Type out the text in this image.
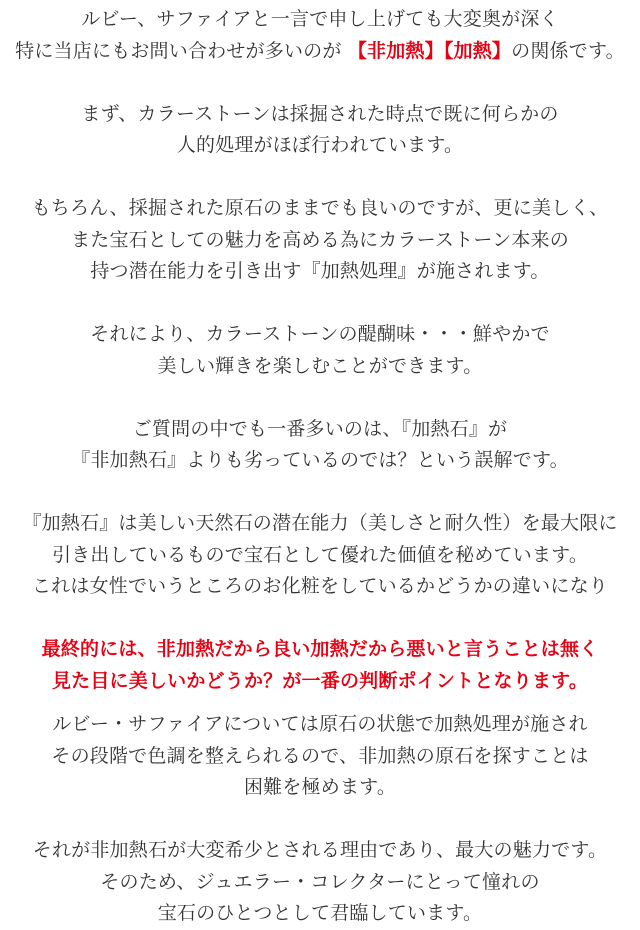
ルビー、サファイアと一言で申し上げても大変奥が深く
特に当店にもお問い合わせが多いのが 【非加熱】【加熱】の関係です。
まず、カラーストーンは採掘された時点で既に何らかの
人的処理がほぼ行われています。
もちろん、採掘された原石のままでも良いのですが、更に美しく、
また宝石としての魅力を高める為にカラーストーン本来の
持つ潜在能力を引き出す『加熱処理』が施されます。
それにより、カラーストーンの醍醐味・・・鮮やかで
美しい輝きを楽しむことができます。
ご質問の中でも一番多いのは、『加熱石』が
『非加熱石』よりも劣っているのでは？という誤解です。
『加熱石』は美しい天然石の潜在能力（美しさと耐久性）を最大限に
引き出しているもので宝石として優れた価値を秘めています。
これは女性でいうところのお化粧をしているかどうかの違いになり
最終的には、非加熱だから良い加熱だから悪いと言うことは無く
見た目に美しいかどうか？が一番の判断ポイントとなります。
ルビー・サファイアについては原石の状態で加熱処理が施され
その段階で色調を整えられるので、非加熱の原石を探すことは
困難を極めます。
それが非加熱石が大変希少とされる理由であり、最大の魅力です。
そのため、ジュエラー・コレクターにとって憧れの
宝石のひとつとして君臨しています。
